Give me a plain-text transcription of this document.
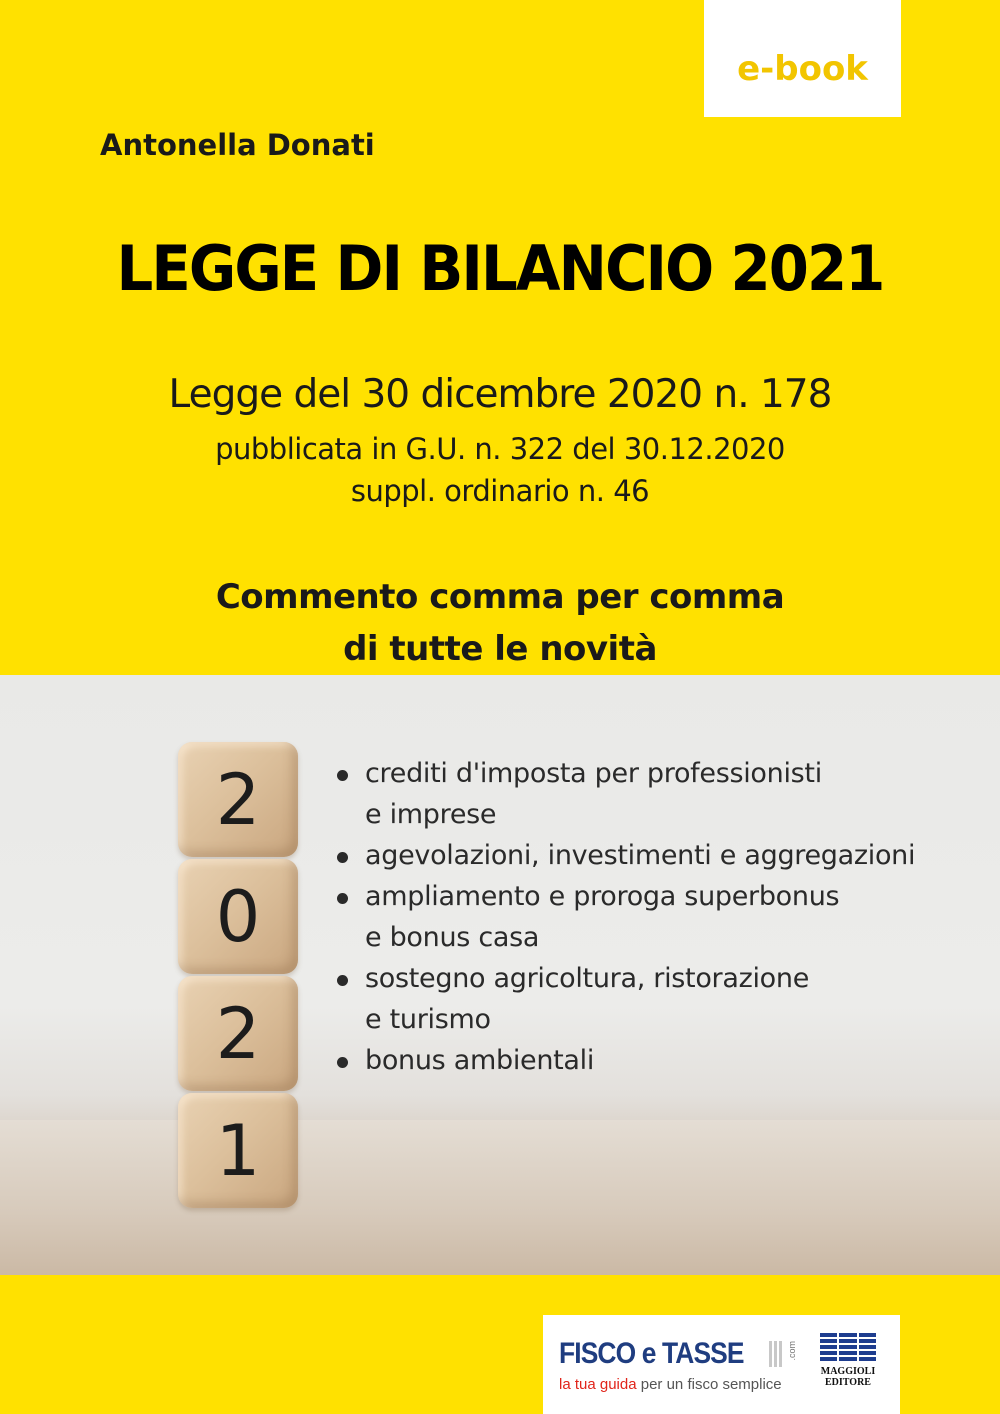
e-book
Antonella Donati
LEGGE DI BILANCIO 2021
Legge del 30 dicembre 2020 n. 178
pubblicata in G.U. n. 322 del 30.12.2020
suppl. ordinario n. 46
Commento comma per comma
di tutte le novità
2
0
2
1
crediti d'imposta per professionisti
e imprese
agevolazioni, investimenti e aggregazioni
ampliamento e proroga superbonus
e bonus casa
sostegno agricoltura, ristorazione
e turismo
bonus ambientali
FISCO e TASSE	.com
la tua guida per un fisco semplice
MAGGIOLI
EDITORE
